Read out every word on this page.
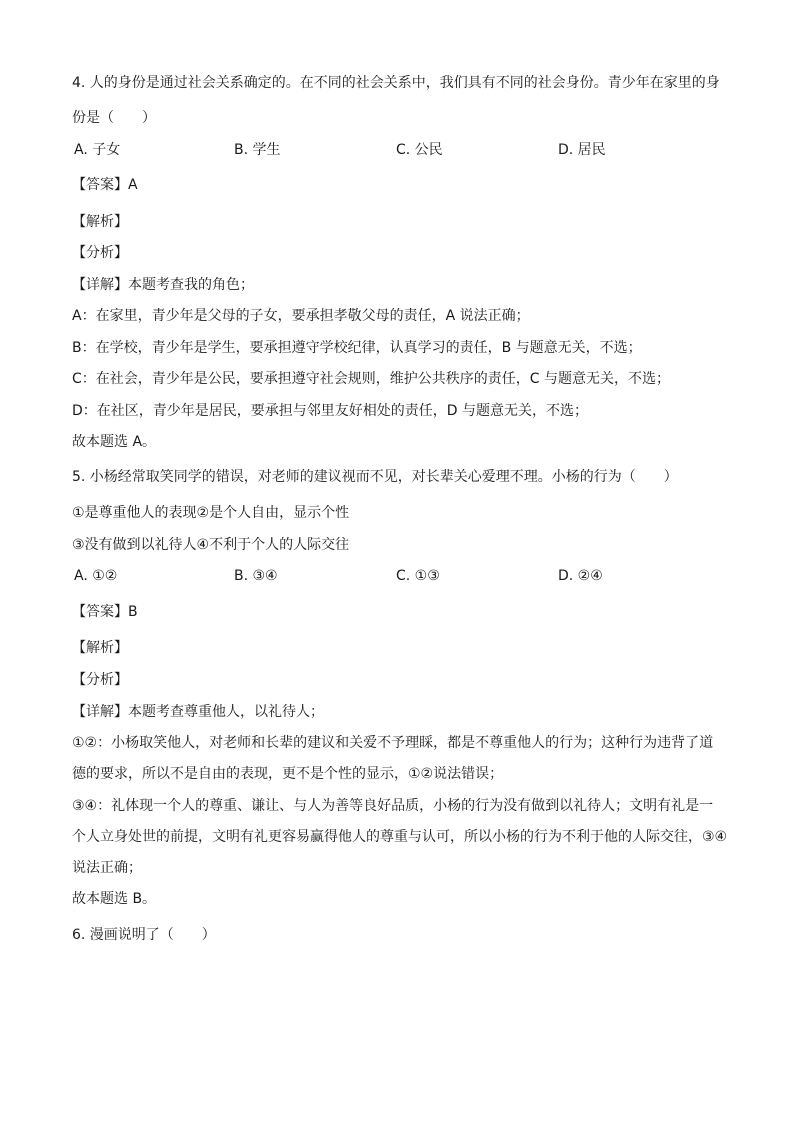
4. 人的身份是通过社会关系确定的。在不同的社会关系中，我们具有不同的社会身份。青少年在家里的身
份是（　　）
A. 子女	B. 学生	C. 公民	D. 居民
【答案】A
【解析】
【分析】
【详解】本题考查我的角色；
A：在家里，青少年是父母的子女，要承担孝敬父母的责任，A 说法正确；
B：在学校，青少年是学生，要承担遵守学校纪律，认真学习的责任，B 与题意无关，不选；
C：在社会，青少年是公民，要承担遵守社会规则，维护公共秩序的责任，C 与题意无关，不选；
D：在社区，青少年是居民，要承担与邻里友好相处的责任，D 与题意无关，不选；
故本题选 A。
5. 小杨经常取笑同学的错误，对老师的建议视而不见，对长辈关心爱理不理。小杨的行为（　　）
①是尊重他人的表现②是个人自由，显示个性
③没有做到以礼待人④不利于个人的人际交往
A. ①②	B. ③④	C. ①③	D. ②④
【答案】B
【解析】
【分析】
【详解】本题考查尊重他人，以礼待人；
①②：小杨取笑他人，对老师和长辈的建议和关爱不予理睬，都是不尊重他人的行为；这种行为违背了道
德的要求，所以不是自由的表现，更不是个性的显示，①②说法错误；
③④：礼体现一个人的尊重、谦让、与人为善等良好品质，小杨的行为没有做到以礼待人；文明有礼是一
个人立身处世的前提，文明有礼更容易赢得他人的尊重与认可，所以小杨的行为不利于他的人际交往，③④
说法正确；
故本题选 B。
6. 漫画说明了（　　）
